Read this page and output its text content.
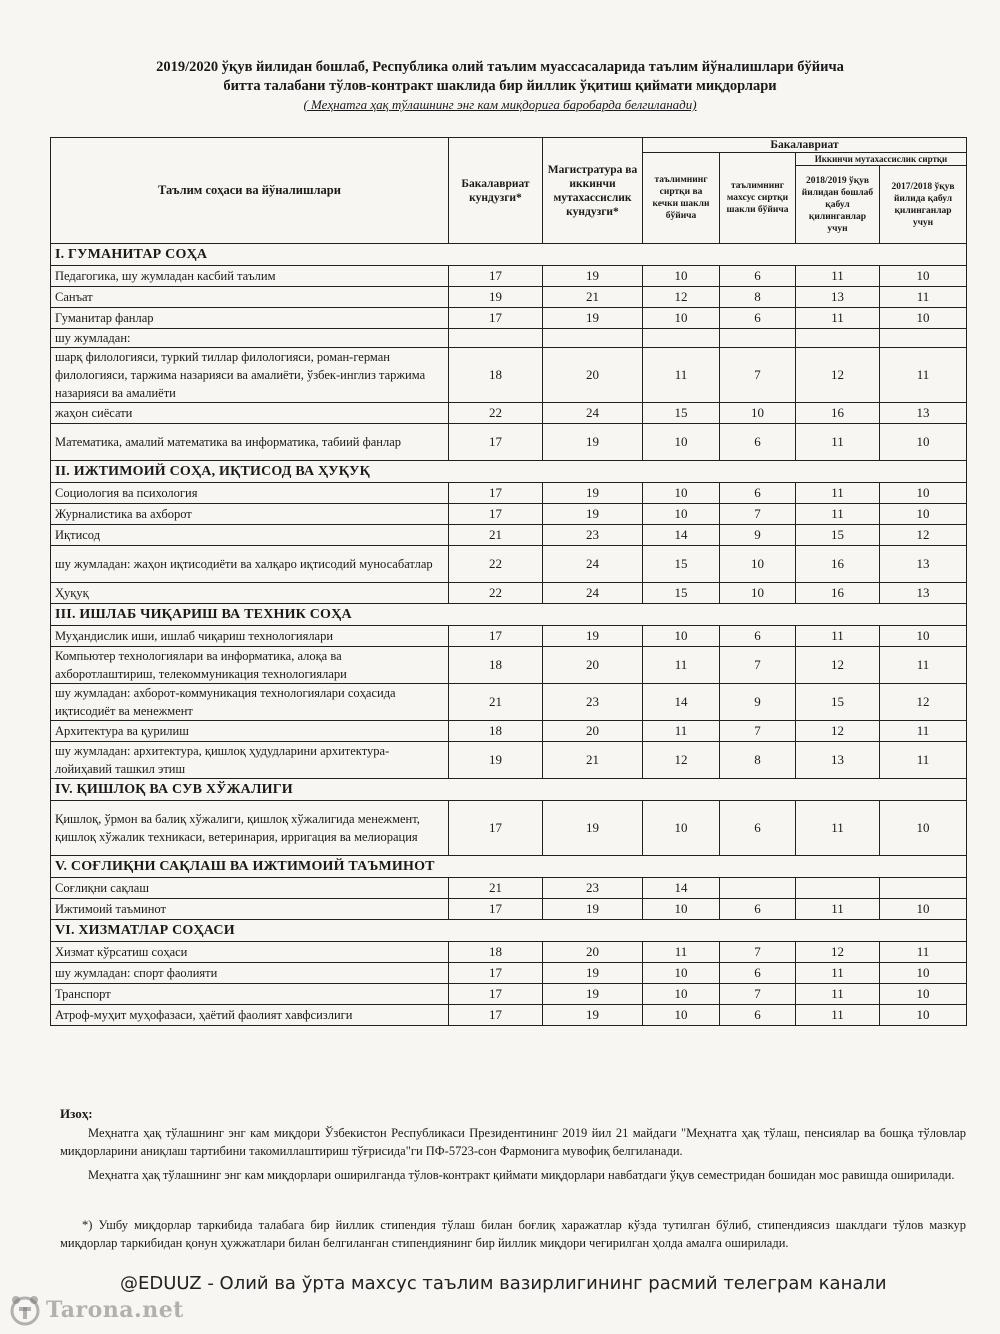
2019/2020 ўқув йилидан бошлаб, Республика олий таълим муассасаларида таълим йўналишлари бўйича
битта талабани тўлов-контракт шаклида бир йиллик ўқитиш қиймати миқдорлари
( Меҳнатга ҳақ тўлашнинг энг кам миқдорига баробарда белгиланади)
Таълим соҳаси ва йўналишлари	Бакалавриат кундузги*	Магистратура ва иккинчи мутахассислик кундузги*	Бакалавриат			
			таълимнинг сиртқи ва кечки шакли бўйича	таълимнинг махсус сиртқи шакли бўйича	Иккинчи мутахассислик сиртқи	
					2018/2019 ўқув йилидан бошлаб қабул қилинганлар учун	2017/2018 ўқув йилида қабул қилинганлар учун
I. ГУМАНИТАР СОҲА						
Педагогика, шу жумладан касбий таълим	17	19	10	6	11	10
Санъат	19	21	12	8	13	11
Гуманитар фанлар	17	19	10	6	11	10
шу жумладан:						
шарқ филологияси, туркий тиллар филологияси, роман-герман филологияси, таржима назарияси ва амалиёти, ўзбек-инглиз таржима назарияси ва амалиёти	18	20	11	7	12	11
жаҳон сиёсати	22	24	15	10	16	13
Математика, амалий математика ва информатика, табиий фанлар	17	19	10	6	11	10
II. ИЖТИМОИЙ СОҲА, ИҚТИСОД ВА ҲУҚУҚ						
Социология ва психология	17	19	10	6	11	10
Журналистика ва ахборот	17	19	10	7	11	10
Иқтисод	21	23	14	9	15	12
шу жумладан: жаҳон иқтисодиёти ва халқаро иқтисодий муносабатлар	22	24	15	10	16	13
Ҳуқуқ	22	24	15	10	16	13
III. ИШЛАБ ЧИҚАРИШ ВА ТЕХНИК СОҲА						
Муҳандислик иши, ишлаб чиқариш технологиялари	17	19	10	6	11	10
Компьютер технологиялари ва информатика, алоқа ва ахборотлаштириш, телекоммуникация технологиялари	18	20	11	7	12	11
шу жумладан: ахборот-коммуникация технологиялари соҳасида иқтисодиёт ва менежмент	21	23	14	9	15	12
Архитектура ва қурилиш	18	20	11	7	12	11
шу жумладан: архитектура, қишлоқ ҳудудларини архитектура-лойиҳавий ташкил этиш	19	21	12	8	13	11
IV. ҚИШЛОҚ ВА СУВ ХЎЖАЛИГИ						
Қишлоқ, ўрмон ва балиқ хўжалиги, қишлоқ хўжалигида менежмент, қишлоқ хўжалик техникаси, ветеринария, ирригация ва мелиорация	17	19	10	6	11	10
V. СОҒЛИҚНИ САҚЛАШ ВА ИЖТИМОИЙ ТАЪМИНОТ						
Соғлиқни сақлаш	21	23	14			
Ижтимоий таъминот	17	19	10	6	11	10
VI. ХИЗМАТЛАР СОҲАСИ						
Хизмат кўрсатиш соҳаси	18	20	11	7	12	11
шу жумладан: спорт фаолияти	17	19	10	6	11	10
Транспорт	17	19	10	7	11	10
Атроф-муҳит муҳофазаси, ҳаётий фаолият хавфсизлиги	17	19	10	6	11	10
Изоҳ:
Меҳнатга ҳақ тўлашнинг энг кам миқдори Ўзбекистон Республикаси Президентининг 2019 йил 21 майдаги "Меҳнатга ҳақ тўлаш, пенсиялар ва бошқа тўловлар миқдорларини аниқлаш тартибини такомиллаштириш тўғрисида"ги ПФ-5723-сон Фармонига мувофиқ белгиланади.
Меҳнатга ҳақ тўлашнинг энг кам миқдорлари оширилганда тўлов-контракт қиймати миқдорлари навбатдаги ўқув семестридан бошидан мос равишда оширилади.
*) Ушбу миқдорлар таркибида талабага бир йиллик стипендия тўлаш билан боғлиқ харажатлар кўзда тутилган бўлиб, стипендиясиз шаклдаги тўлов мазкур миқдорлар таркибидан қонун ҳужжатлари билан белгиланган стипендиянинг бир йиллик миқдори чегирилган ҳолда амалга оширилади.
@EDUUZ - Олий ва ўрта махсус таълим вазирлигининг расмий телеграм канали
Tarona.net
